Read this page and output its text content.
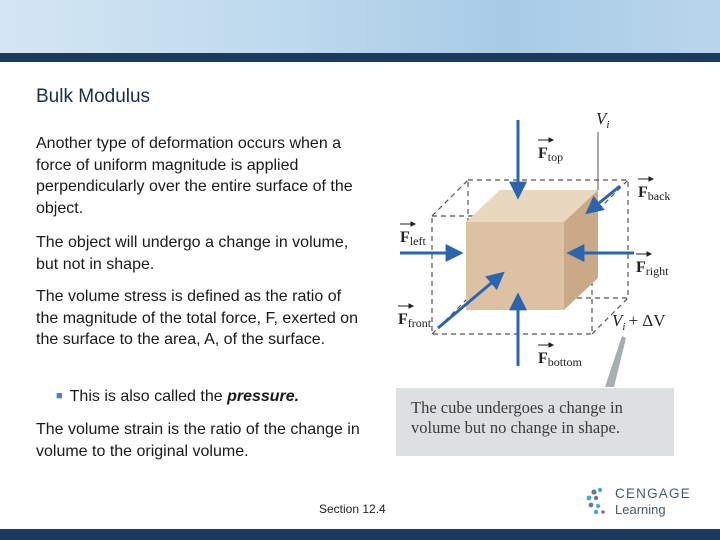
Bulk Modulus

Another type of deformation occurs when a force of uniform magnitude is applied perpendicularly over the entire surface of the object.

The object will undergo a change in volume, but not in shape.

The volume stress is defined as the ratio of the magnitude of the total force, F, exerted on the surface to the area, A, of the surface.

■ This is also called the pressure.

The volume strain is the ratio of the change in volume to the original volume.

$V_i$
Ftop
Fback
Fleft
Fright
Ffront
Fbottom
$V_i + \Delta V$
The cube undergoes a change in volume but no change in shape.
Section 12.4
CENGAGE
Learning
